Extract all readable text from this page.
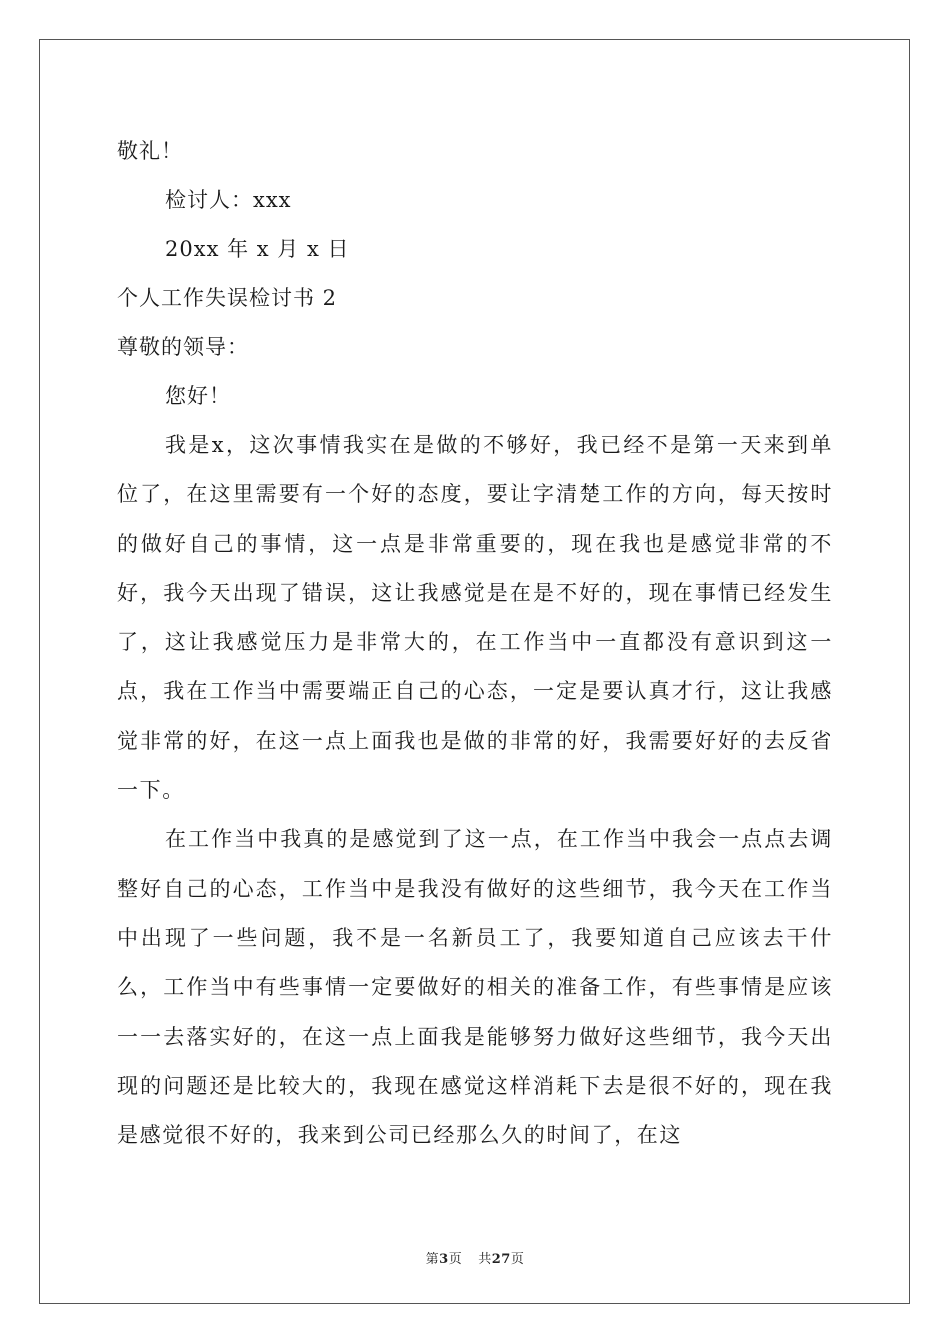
敬礼！
检讨人：xxx
20xx 年 x 月 x 日
个人工作失误检讨书 2
尊敬的领导：
您好！

我是x，这次事情我实在是做的不够好，我已经不是第一天来到单位了，在这里需要有一个好的态度，要让字清楚工作的方向，每天按时的做好自己的事情，这一点是非常重要的，现在我也是感觉非常的不好，我今天出现了错误，这让我感觉是在是不好的，现在事情已经发生了，这让我感觉压力是非常大的，在工作当中一直都没有意识到这一点，我在工作当中需要端正自己的心态，一定是要认真才行，这让我感觉非常的好，在这一点上面我也是做的非常的好，我需要好好的去反省一下。

在工作当中我真的是感觉到了这一点，在工作当中我会一点点去调整好自己的心态，工作当中是我没有做好的这些细节，我今天在工作当中出现了一些问题，我不是一名新员工了，我要知道自己应该去干什么，工作当中有些事情一定要做好的相关的准备工作，有些事情是应该一一去落实好的，在这一点上面我是能够努力做好这些细节，我今天出现的问题还是比较大的，我现在感觉这样消耗下去是很不好的，现在我是感觉很不好的，我来到公司已经那么久的时间了，在这

第3页 共27页
